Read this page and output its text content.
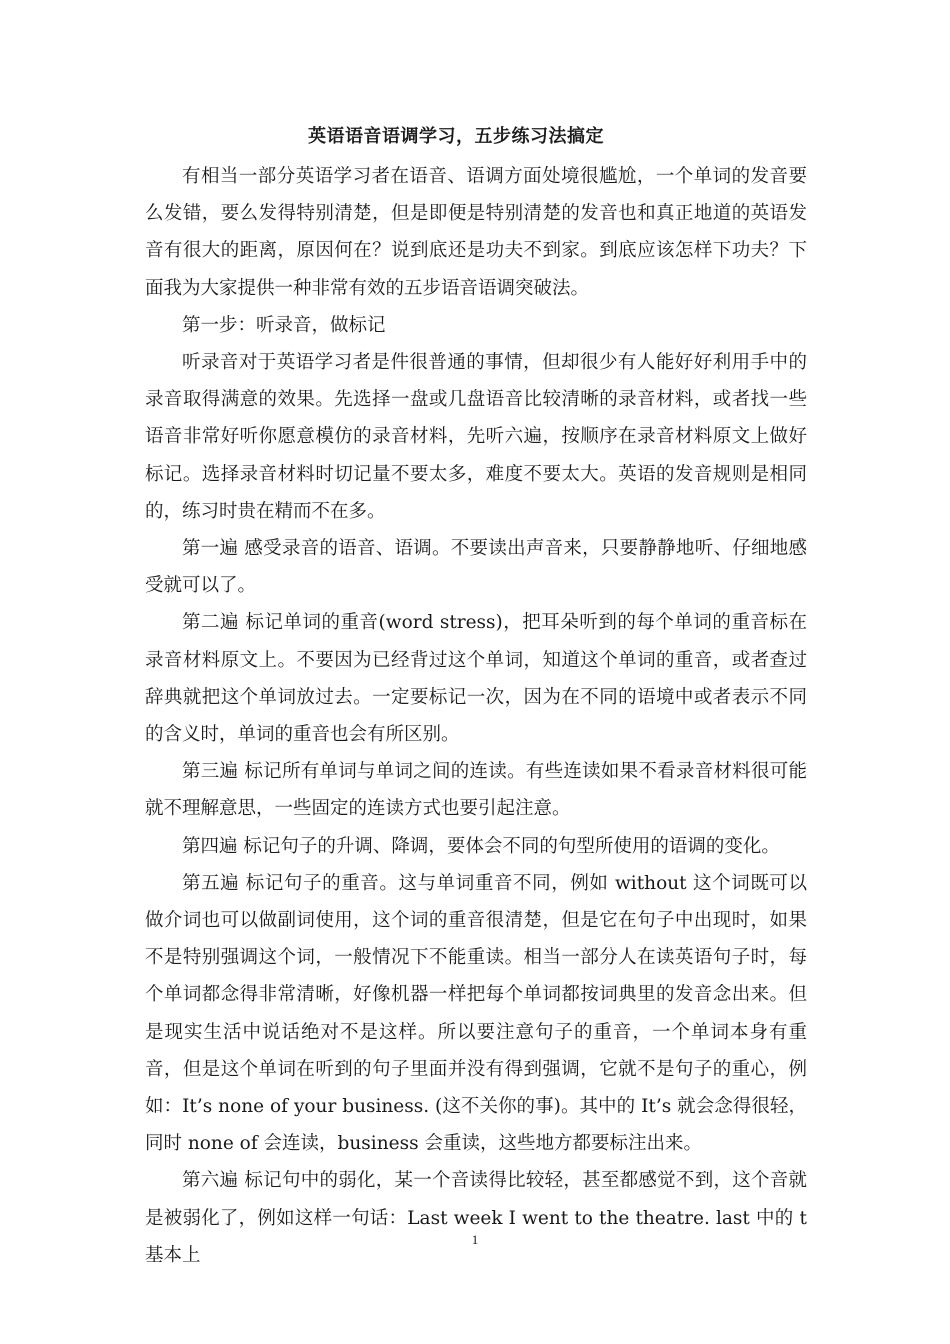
英语语音语调学习，五步练习法搞定

有相当一部分英语学习者在语音、语调方面处境很尴尬，一个单词的发音要么发错，要么发得特别清楚，但是即便是特别清楚的发音也和真正地道的英语发音有很大的距离，原因何在？说到底还是功夫不到家。到底应该怎样下功夫？下面我为大家提供一种非常有效的五步语音语调突破法。

第一步：听录音，做标记

听录音对于英语学习者是件很普通的事情，但却很少有人能好好利用手中的录音取得满意的效果。先选择一盘或几盘语音比较清晰的录音材料，或者找一些语音非常好听你愿意模仿的录音材料，先听六遍，按顺序在录音材料原文上做好标记。选择录音材料时切记量不要太多，难度不要太大。英语的发音规则是相同的，练习时贵在精而不在多。

第一遍 感受录音的语音、语调。不要读出声音来，只要静静地听、仔细地感受就可以了。

第二遍 标记单词的重音(word stress)，把耳朵听到的每个单词的重音标在录音材料原文上。不要因为已经背过这个单词，知道这个单词的重音，或者查过辞典就把这个单词放过去。一定要标记一次，因为在不同的语境中或者表示不同的含义时，单词的重音也会有所区别。

第三遍 标记所有单词与单词之间的连读。有些连读如果不看录音材料很可能就不理解意思，一些固定的连读方式也要引起注意。

第四遍 标记句子的升调、降调，要体会不同的句型所使用的语调的变化。

第五遍 标记句子的重音。这与单词重音不同，例如 without 这个词既可以做介词也可以做副词使用，这个词的重音很清楚，但是它在句子中出现时，如果不是特别强调这个词，一般情况下不能重读。相当一部分人在读英语句子时，每个单词都念得非常清晰，好像机器一样把每个单词都按词典里的发音念出来。但是现实生活中说话绝对不是这样。所以要注意句子的重音，一个单词本身有重音，但是这个单词在听到的句子里面并没有得到强调，它就不是句子的重心，例如：It’s none of your business. (这不关你的事)。其中的 It’s 就会念得很轻，同时 none of 会连读，business 会重读，这些地方都要标注出来。

第六遍 标记句中的弱化，某一个音读得比较轻，甚至都感觉不到，这个音就是被弱化了，例如这样一句话：Last week I went to the theatre. last 中的 t 基本上

1
